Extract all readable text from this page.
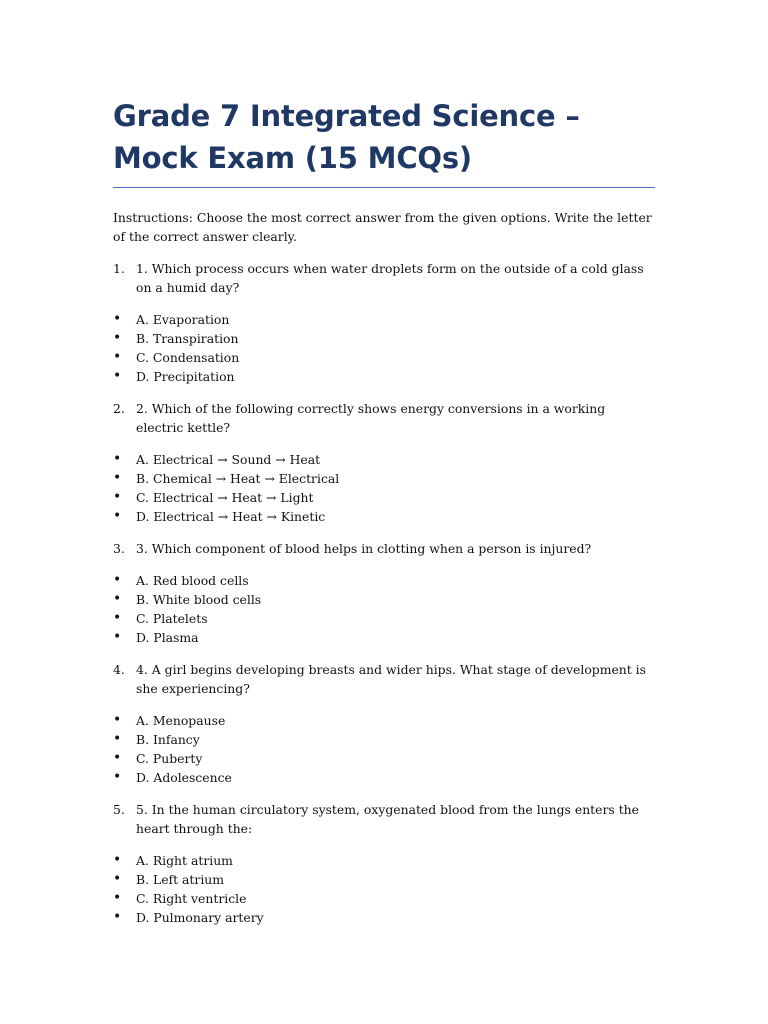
Grade 7 Integrated Science – Mock Exam (15 MCQs)

Instructions: Choose the most correct answer from the given options. Write the letter of the correct answer clearly.

1. 1. Which process occurs when water droplets form on the outside of a cold glass on a humid day?
• A. Evaporation
• B. Transpiration
• C. Condensation
• D. Precipitation
2. 2. Which of the following correctly shows energy conversions in a working electric kettle?
• A. Electrical → Sound → Heat
• B. Chemical → Heat → Electrical
• C. Electrical → Heat → Light
• D. Electrical → Heat → Kinetic
3. 3. Which component of blood helps in clotting when a person is injured?
• A. Red blood cells
• B. White blood cells
• C. Platelets
• D. Plasma
4. 4. A girl begins developing breasts and wider hips. What stage of development is she experiencing?
• A. Menopause
• B. Infancy
• C. Puberty
• D. Adolescence
5. 5. In the human circulatory system, oxygenated blood from the lungs enters the heart through the:
• A. Right atrium
• B. Left atrium
• C. Right ventricle
• D. Pulmonary artery
